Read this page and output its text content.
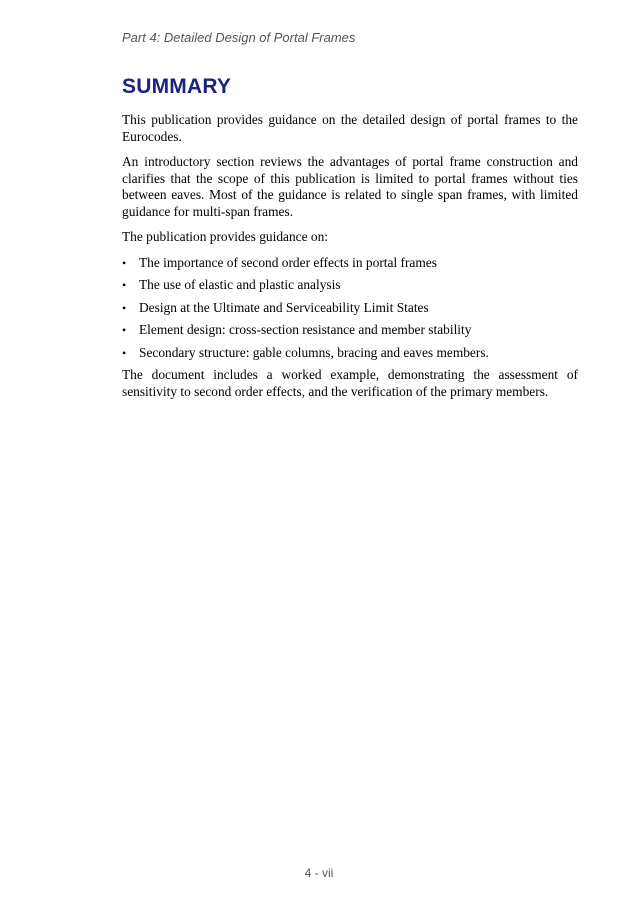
Part 4: Detailed Design of Portal Frames
SUMMARY

This publication provides guidance on the detailed design of portal frames to the Eurocodes.

An introductory section reviews the advantages of portal frame construction and clarifies that the scope of this publication is limited to portal frames without ties between eaves. Most of the guidance is related to single span frames, with limited guidance for multi-span frames.

The publication provides guidance on:

• The importance of second order effects in portal frames
• The use of elastic and plastic analysis
• Design at the Ultimate and Serviceability Limit States
• Element design: cross-section resistance and member stability
• Secondary structure: gable columns, bracing and eaves members.

The document includes a worked example, demonstrating the assessment of sensitivity to second order effects, and the verification of the primary members.

4 - vii
